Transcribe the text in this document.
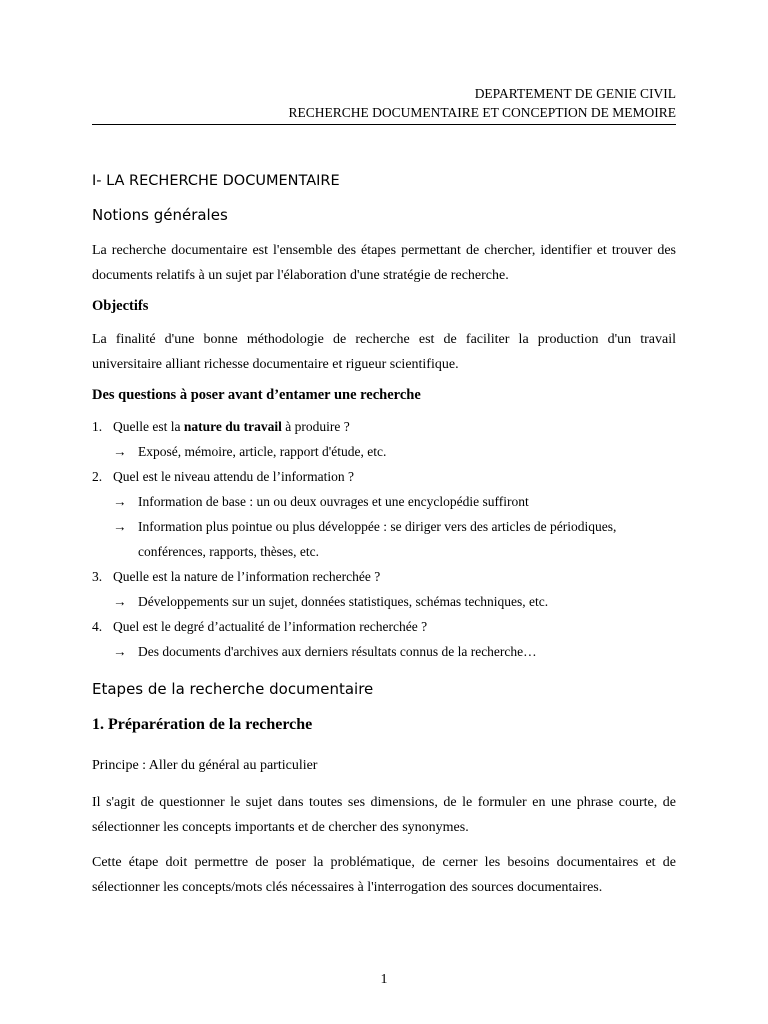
DEPARTEMENT DE GENIE CIVIL
RECHERCHE DOCUMENTAIRE ET CONCEPTION DE MEMOIRE
I- LA RECHERCHE DOCUMENTAIRE
Notions générales

La recherche documentaire est l'ensemble des étapes permettant de chercher, identifier et trouver des documents relatifs à un sujet par l'élaboration d'une stratégie de recherche.

Objectifs

La finalité d'une bonne méthodologie de recherche est de faciliter la production d'un travail universitaire alliant richesse documentaire et rigueur scientifique.

Des questions à poser avant d’entamer une recherche
1. Quelle est la nature du travail à produire ?
→ Exposé, mémoire, article, rapport d'étude, etc.
2. Quel est le niveau attendu de l’information ?
→ Information de base : un ou deux ouvrages et une encyclopédie suffiront
→ Information plus pointue ou plus développée : se diriger vers des articles de périodiques, conférences, rapports, thèses, etc.
3. Quelle est la nature de l’information recherchée ?
→ Développements sur un sujet, données statistiques, schémas techniques, etc.
4. Quel est le degré d’actualité de l’information recherchée ?
→ Des documents d'archives aux derniers résultats connus de la recherche…
Etapes de la recherche documentaire
1. Préparération de la recherche

Principe : Aller du général au particulier

Il s'agit de questionner le sujet dans toutes ses dimensions, de le formuler en une phrase courte, de sélectionner les concepts importants et de chercher des synonymes.

Cette étape doit permettre de poser la problématique, de cerner les besoins documentaires et de sélectionner les concepts/mots clés nécessaires à l'interrogation des sources documentaires.

1
